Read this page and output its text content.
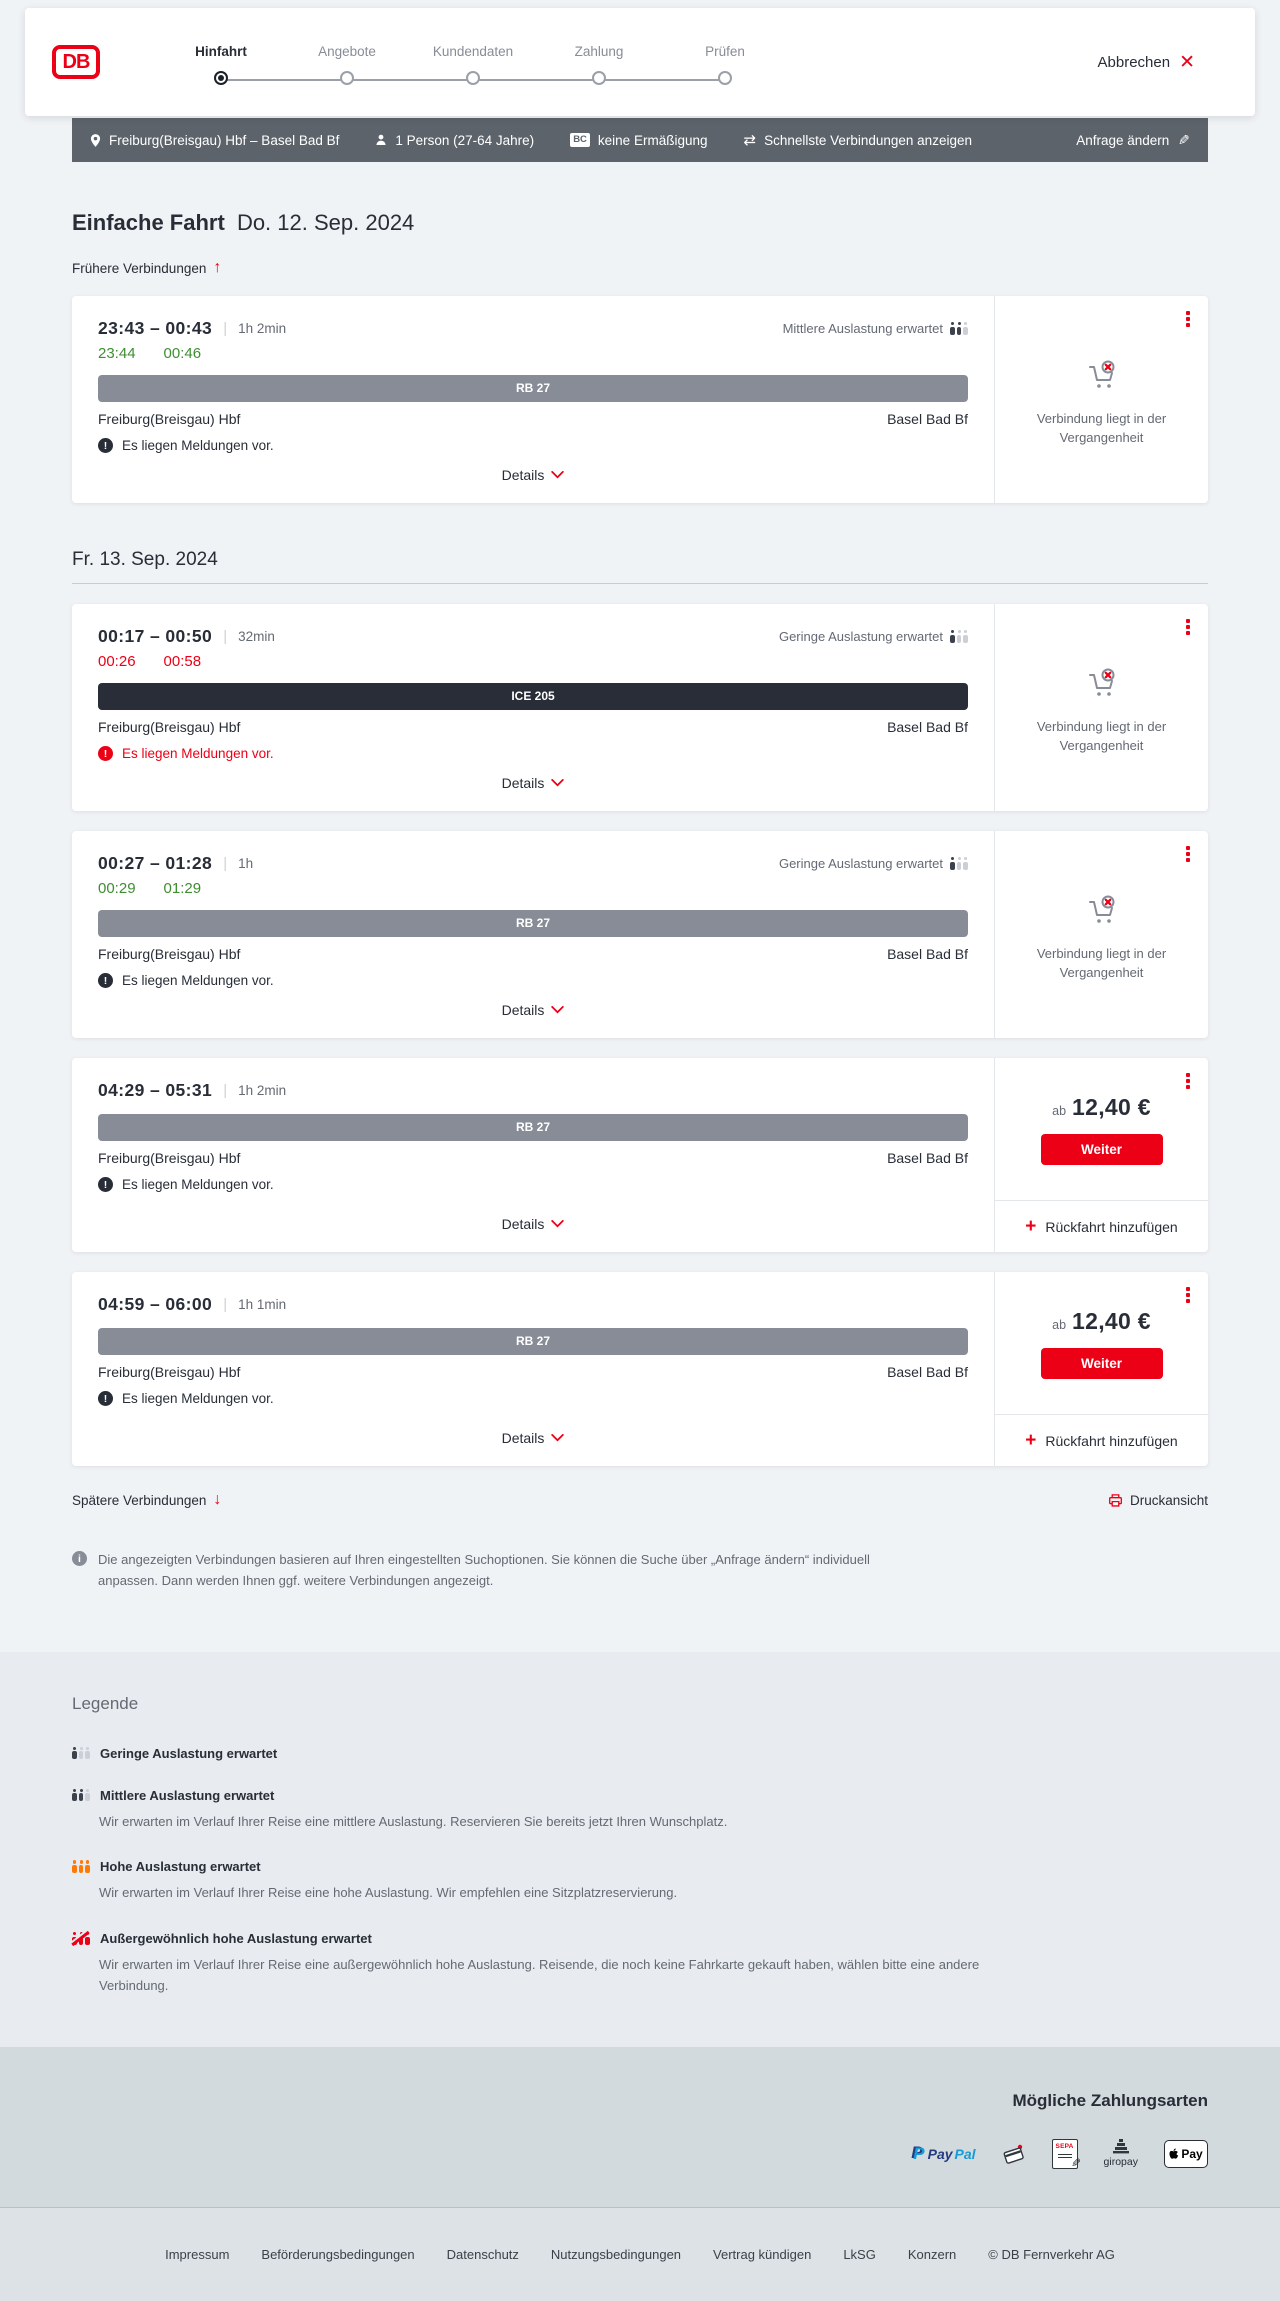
DB	Hinfahrt	Angebote	Kundendaten	Zahlung	Prüfen
Abbrechen ✕
Freiburg(Breisgau) Hbf – Basel Bad Bf	1 Person (27-64 Jahre)	BC keine Ermäßigung ⇄ Schnellste Verbindungen anzeigen	Anfrage ändern ✎
Einfache Fahrt Do. 12. Sep. 2024
Frühere Verbindungen ↑
23:43 – 00:43 | 1h 2min	Mittlere Auslastung erwartet
23:44 00:46
RB 27
Freiburg(Breisgau) Hbf	Basel Bad Bf
!	Es liegen Meldungen vor.
Details

Verbindung liegt in der Vergangenheit

Fr. 13. Sep. 2024
00:17 – 00:50 | 32min	Geringe Auslastung erwartet
00:26 00:58
ICE 205
Freiburg(Breisgau) Hbf	Basel Bad Bf
!	Es liegen Meldungen vor.
Details

Verbindung liegt in der Vergangenheit

00:27 – 01:28 | 1h	Geringe Auslastung erwartet
00:29 01:29
RB 27
Freiburg(Breisgau) Hbf	Basel Bad Bf
!	Es liegen Meldungen vor.
Details

Verbindung liegt in der Vergangenheit

04:29 – 05:31 | 1h 2min
RB 27
Freiburg(Breisgau) Hbf	Basel Bad Bf
!	Es liegen Meldungen vor.
Details
ab 12,40 €
Weiter
+ Rückfahrt hinzufügen
04:59 – 06:00 | 1h 1min
RB 27
Freiburg(Breisgau) Hbf	Basel Bad Bf
!	Es liegen Meldungen vor.
Details
ab 12,40 €
Weiter
+ Rückfahrt hinzufügen
Spätere Verbindungen ↓	Druckansicht
i	Die angezeigten Verbindungen basieren auf Ihren eingestellten Suchoptionen. Sie können die Suche über „Anfrage ändern“ individuell anpassen. Dann werden Ihnen ggf. weitere Verbindungen angezeigt.

Legende
Geringe Auslastung erwartet
Mittlere Auslastung erwartet

Wir erwarten im Verlauf Ihrer Reise eine mittlere Auslastung. Reservieren Sie bereits jetzt Ihren Wunschplatz.

Hohe Auslastung erwartet

Wir erwarten im Verlauf Ihrer Reise eine hohe Auslastung. Wir empfehlen eine Sitzplatzreservierung.

Außergewöhnlich hohe Auslastung erwartet

Wir erwarten im Verlauf Ihrer Reise eine außergewöhnlich hohe Auslastung. Reisende, die noch keine Fahrkarte gekauft haben, wählen bitte eine andere Verbindung.

Mögliche Zahlungsarten
P Pay Pal	SEPA
✎ giropay
Pay
Impressum Beförderungsbedingungen Datenschutz Nutzungsbedingungen Vertrag kündigen LkSG Konzern © DB Fernverkehr AG
